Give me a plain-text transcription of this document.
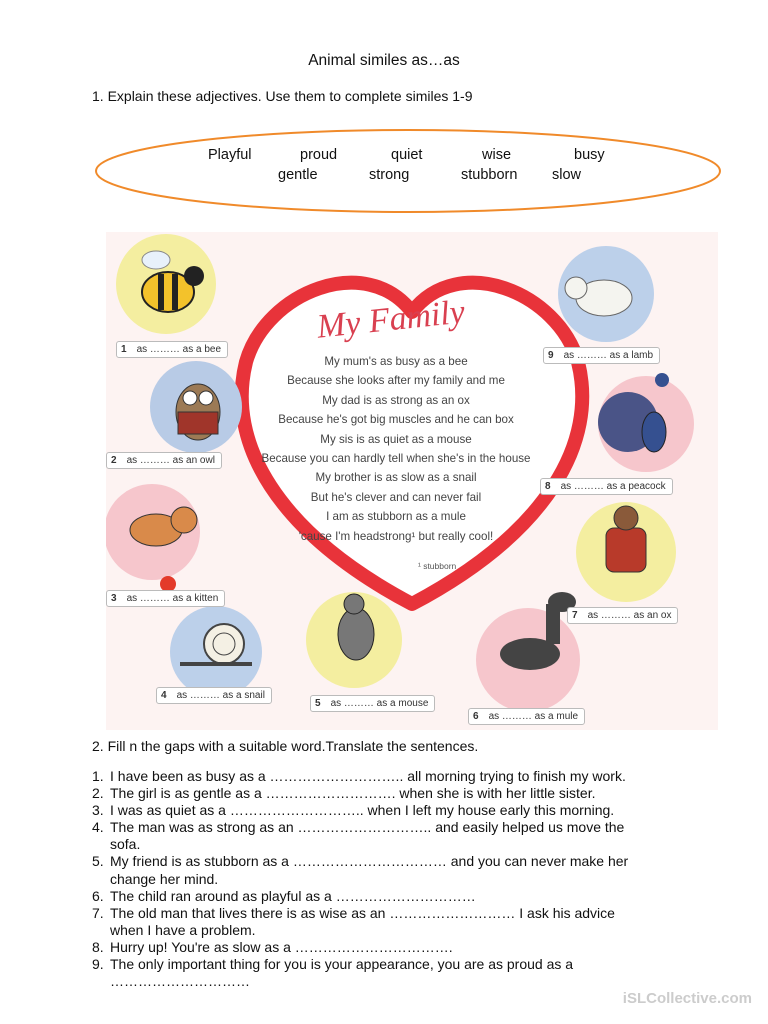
Animal similes as…as
1. Explain these adjectives. Use them to complete similes 1-9
Playful	proud	quiet	wise	busy
gentle	strong	stubborn slow
My Family
My mum's as busy as a bee
Because she looks after my family and me
My dad is as strong as an ox
Because he's got big muscles and he can box
My sis is as quiet as a mouse
Because you can hardly tell when she's in the house
My brother is as slow as a snail
But he's clever and can never fail
I am as stubborn as a mule
'cause I'm headstrong¹ but really cool!
¹ stubborn
1 as ……… as a bee
2 as ……… as an owl
3 as ……… as a kitten
4 as ……… as a snail
5 as ……… as a mouse
6 as ……… as a mule
7 as ……… as an ox
8 as ……… as a peacock
9 as ……… as a lamb
2. Fill n the gaps with a suitable word.Translate the sentences.
1. I have been as busy as a ……………………….. all morning trying to finish my work.
2. The girl is as gentle as a ………………………. when she is with her little sister.
3. I was as quiet as a ……………………….. when I left my house early this morning.
4. The man was as strong as an ……………………….. and easily helped us move the
sofa.
5. My friend is as stubborn as a …………………………… and you can never make her
change her mind.
6. The child ran around as playful as a …………………………
7. The old man that lives there is as wise as an ……………………… I ask his advice
when I have a problem.
8. Hurry up! You're as slow as a …………………………….
9. The only important thing for you is your appearance, you are as proud as a
…………………………
iSLCollective.com
